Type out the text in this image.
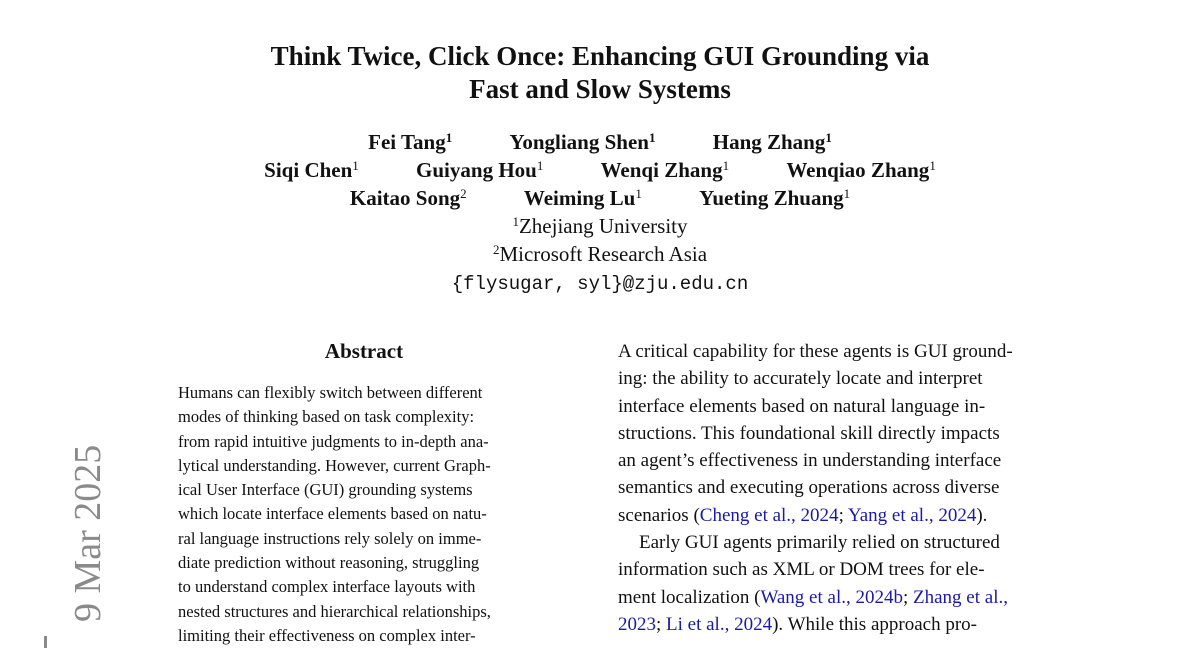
Think Twice, Click Once: Enhancing GUI Grounding via
Fast and Slow Systems
Fei Tang$^1$	Yongliang Shen$^1$	Hang Zhang$^1$
Siqi Chen$^1$	Guiyang Hou$^1$	Wenqi Zhang$^1$	Wenqiao Zhang$^1$
Kaitao Song$^2$	Weiming Lu$^1$	Yueting Zhuang$^1$
$^1$Zhejiang University
$^2$Microsoft Research Asia
{flysugar, syl}@zju.edu.cn
Abstract
Humans can flexibly switch between different
modes of thinking based on task complexity:
from rapid intuitive judgments to in-depth ana-
lytical understanding. However, current Graph-
ical User Interface (GUI) grounding systems
which locate interface elements based on natu-
ral language instructions rely solely on imme-
diate prediction without reasoning, struggling
to understand complex interface layouts with
nested structures and hierarchical relationships,
limiting their effectiveness on complex inter-
A critical capability for these agents is GUI ground-
ing: the ability to accurately locate and interpret
interface elements based on natural language in-
structions. This foundational skill directly impacts
an agent’s effectiveness in understanding interface
semantics and executing operations across diverse
scenarios (Cheng et al., 2024; Yang et al., 2024).
Early GUI agents primarily relied on structured
information such as XML or DOM trees for ele-
ment localization (Wang et al., 2024b; Zhang et al.,
2023; Li et al., 2024). While this approach pro-
9 Mar 2025
